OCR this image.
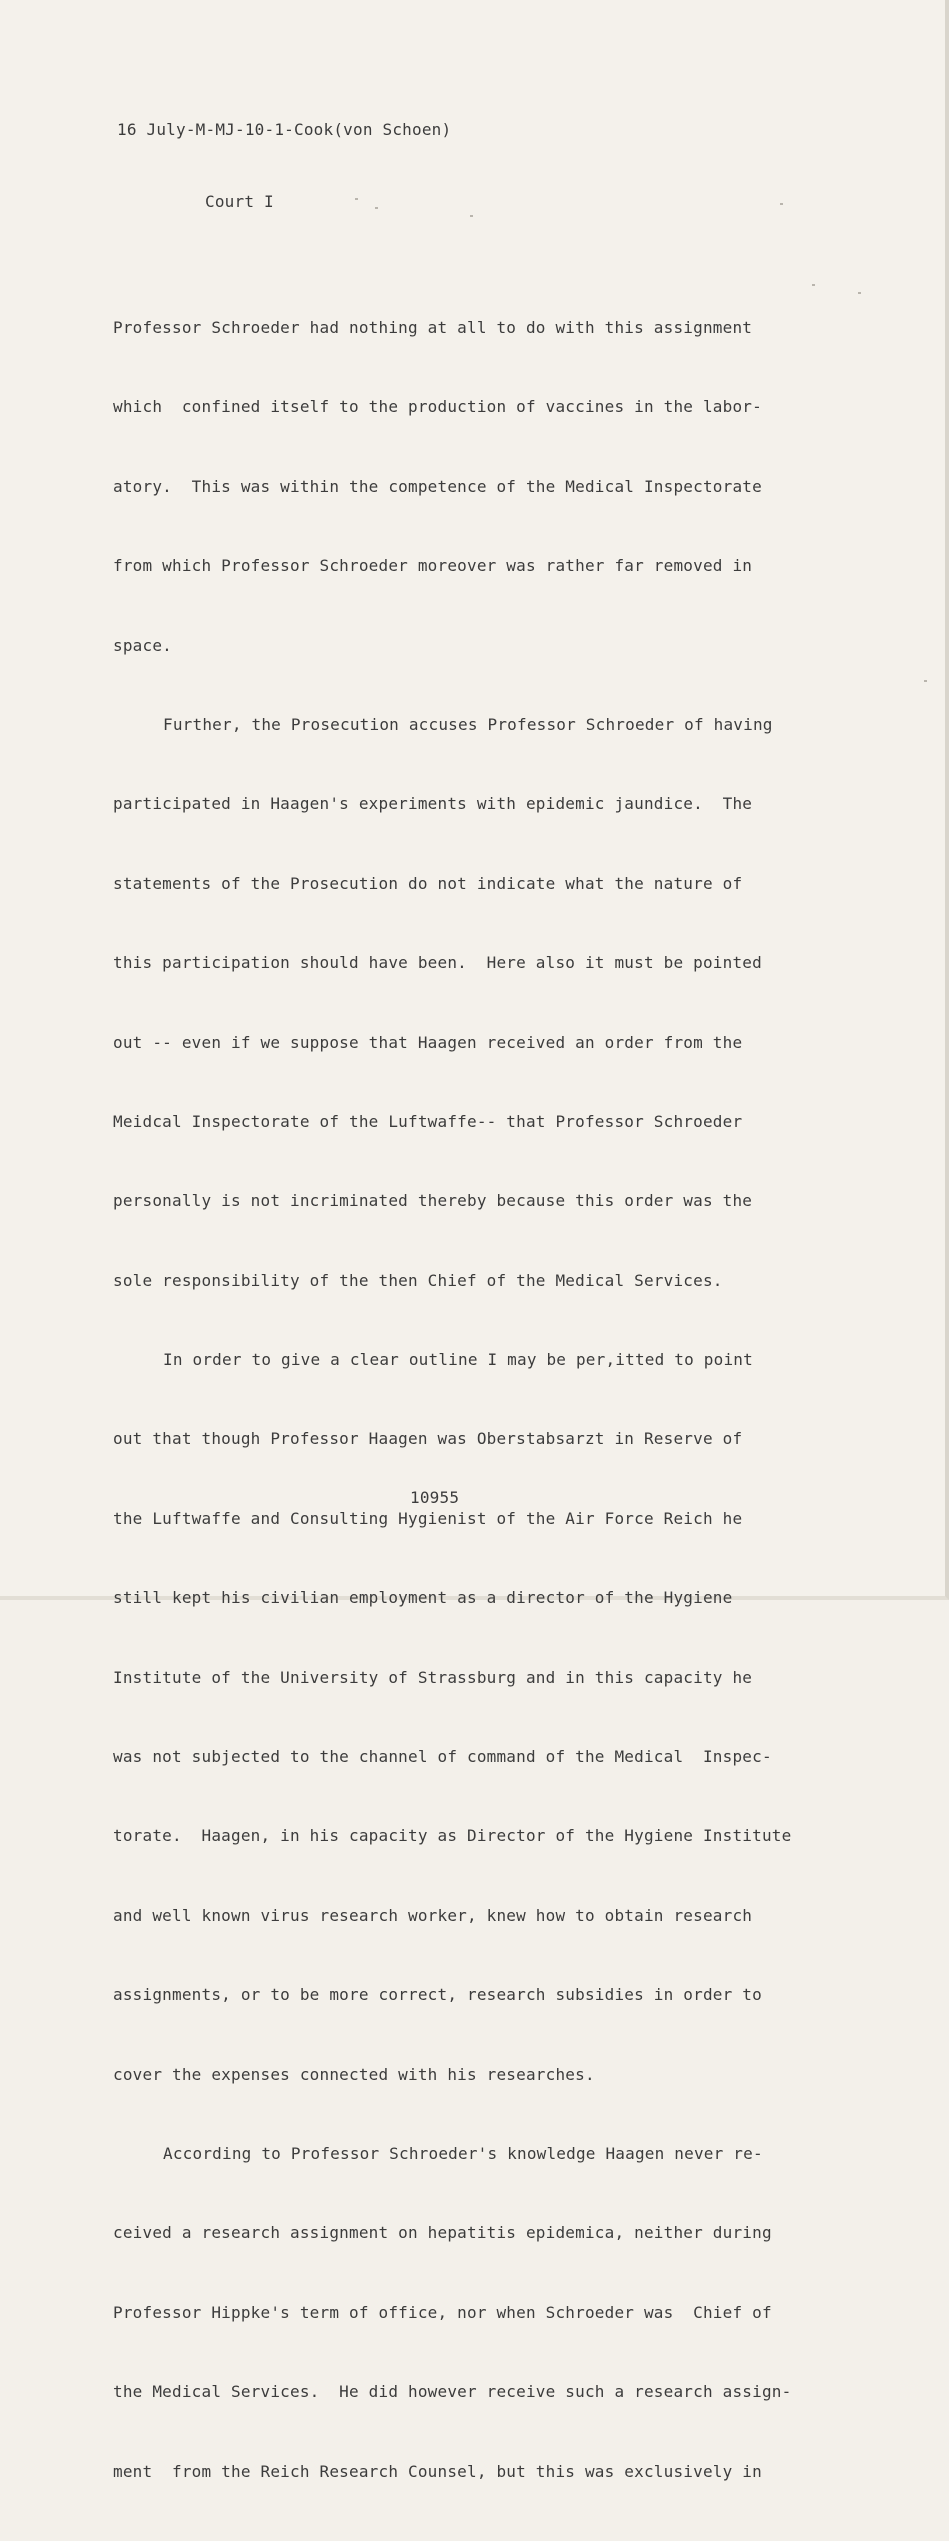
16 July-M-MJ-10-1-Cook(von Schoen)

Court I

Professor Schroeder had nothing at all to do with this assignment

which  confined itself to the production of vaccines in the labor-

atory.  This was within the competence of the Medical Inspectorate

from which Professor Schroeder moreover was rather far removed in

space.

Further, the Prosecution accuses Professor Schroeder of having

participated in Haagen's experiments with epidemic jaundice.  The

statements of the Prosecution do not indicate what the nature of

this participation should have been.  Here also it must be pointed

out -- even if we suppose that Haagen received an order from the

Meidcal Inspectorate of the Luftwaffe-- that Professor Schroeder

personally is not incriminated thereby because this order was the

sole responsibility of the then Chief of the Medical Services.

In order to give a clear outline I may be per,itted to point

out that though Professor Haagen was Oberstabsarzt in Reserve of

the Luftwaffe and Consulting Hygienist of the Air Force Reich he

still kept his civilian employment as a director of the Hygiene

Institute of the University of Strassburg and in this capacity he

was not subjected to the channel of command of the Medical  Inspec-

torate.  Haagen, in his capacity as Director of the Hygiene Institute

and well known virus research worker, knew how to obtain research

assignments, or to be more correct, research subsidies in order to

cover the expenses connected with his researches.

According to Professor Schroeder's knowledge Haagen never re-

ceived a research assignment on hepatitis epidemica, neither during

Professor Hippke's term of office, nor when Schroeder was  Chief of

the Medical Services.  He did however receive such a research assign-

ment  from the Reich Research Counsel, but this was exclusively in

10955
